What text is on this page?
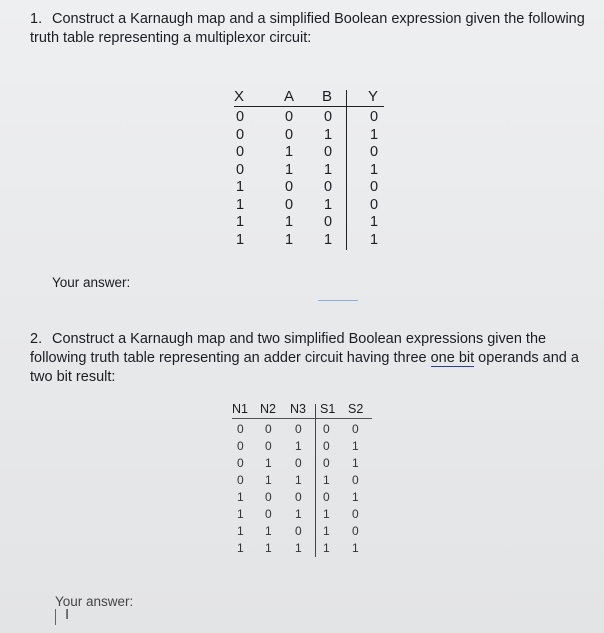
1. Construct a Karnaugh map and a simplified Boolean expression given the following truth table representing a multiplexor circuit:
X	A B Y
0	0 0	0
0	0 1	1
0	1 0	0
0	1 1	1
1	0 0	0
1	0 1	0
1	1 0	1
1	1 1	1
Your answer:
2. Construct a Karnaugh map and two simplified Boolean expressions given the following truth table representing an adder circuit having three one bit operands and a two bit result:
N1 N2 N3 S1 S2
0 0 0 0 0
0 0 1 0 1
0 1 0 0 1
0 1 1 1 0
1 0 0 0 1
1 0 1 1 0
1 1 0 1 0
1 1 1 1 1
Your answer:
I
